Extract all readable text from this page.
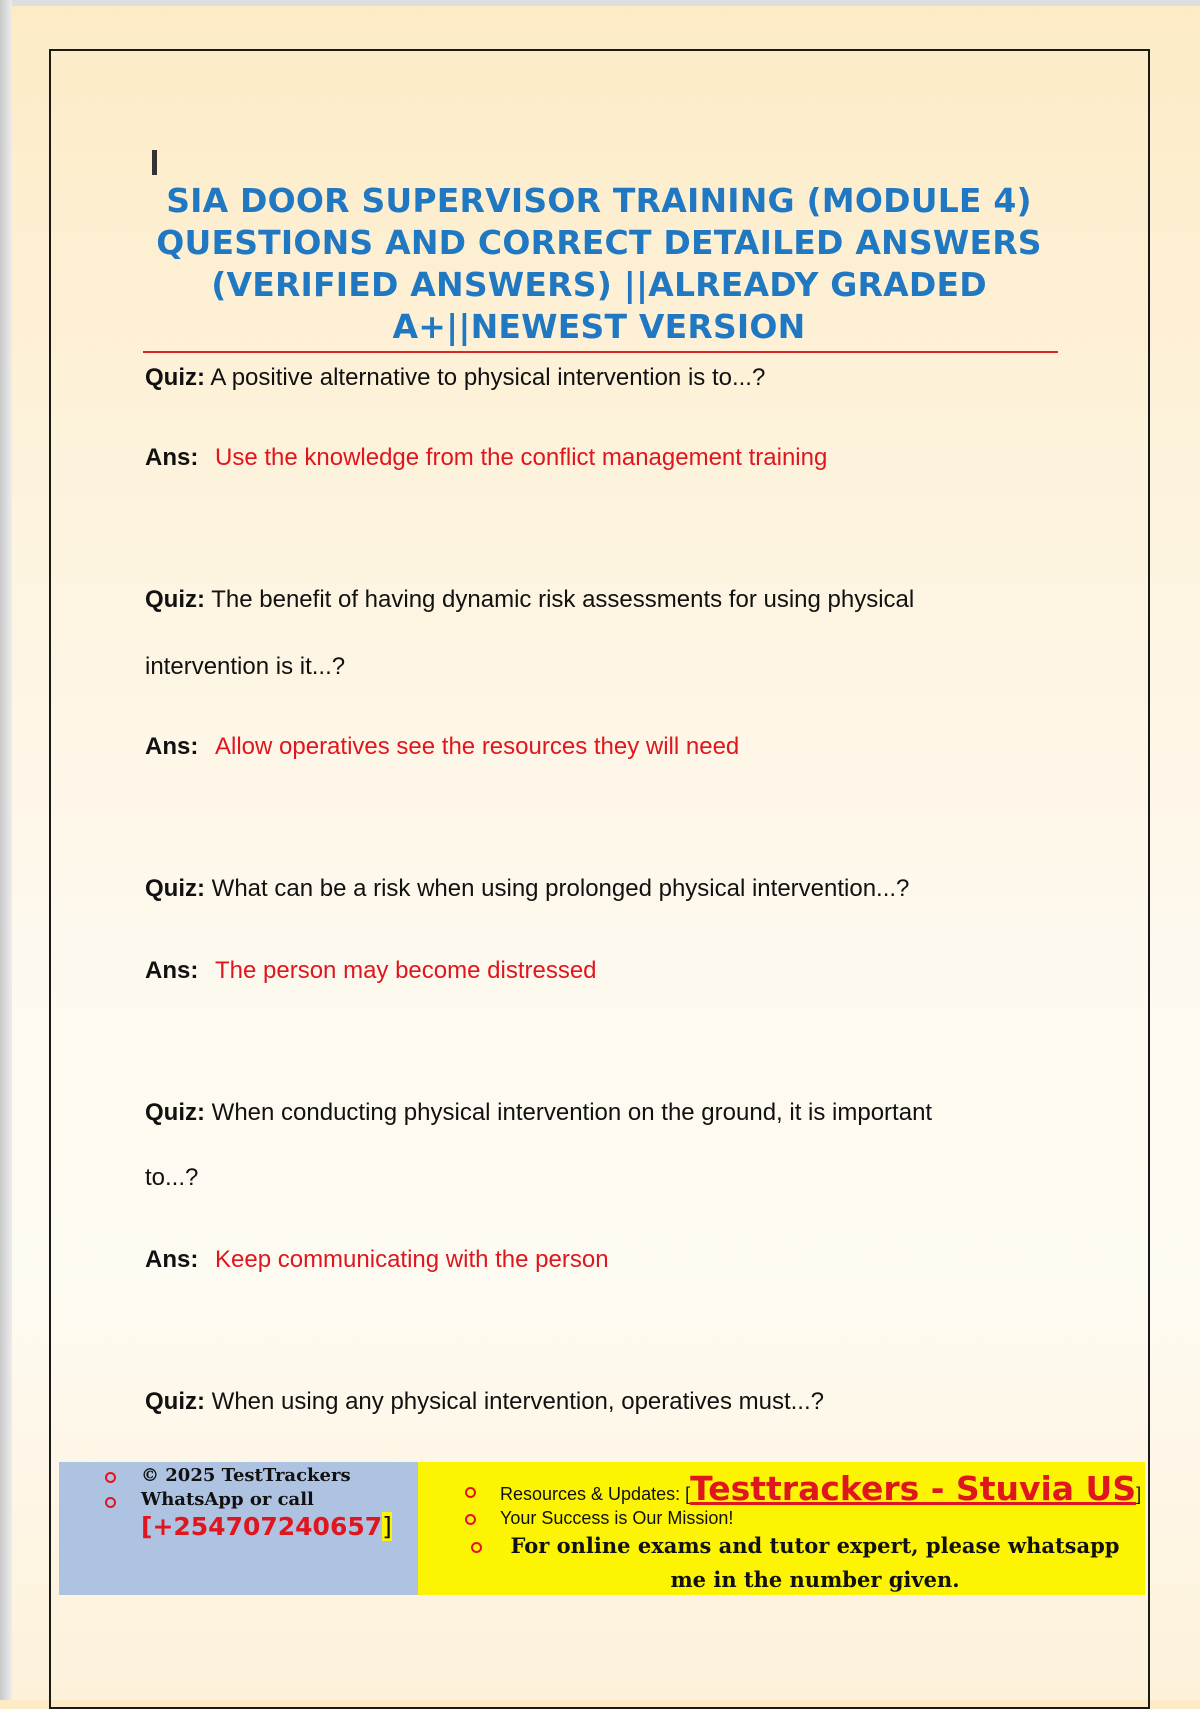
SIA DOOR SUPERVISOR TRAINING (MODULE 4) QUESTIONS AND CORRECT DETAILED ANSWERS (VERIFIED ANSWERS) ||ALREADY GRADED A+||NEWEST VERSION
Quiz: A positive alternative to physical intervention is to...?
Ans: Use the knowledge from the conflict management training
Quiz: The benefit of having dynamic risk assessments for using physical
intervention is it...?
Ans: Allow operatives see the resources they will need
Quiz: What can be a risk when using prolonged physical intervention...?
Ans: The person may become distressed
Quiz: When conducting physical intervention on the ground, it is important
to...?
Ans: Keep communicating with the person
Quiz: When using any physical intervention, operatives must...?
© 2025 TestTrackers
WhatsApp or call
[+254707240657]
Resources & Updates: [Testtrackers - Stuvia US]
Your Success is Our Mission!
For online exams and tutor expert, please whatsapp me in the number given.
